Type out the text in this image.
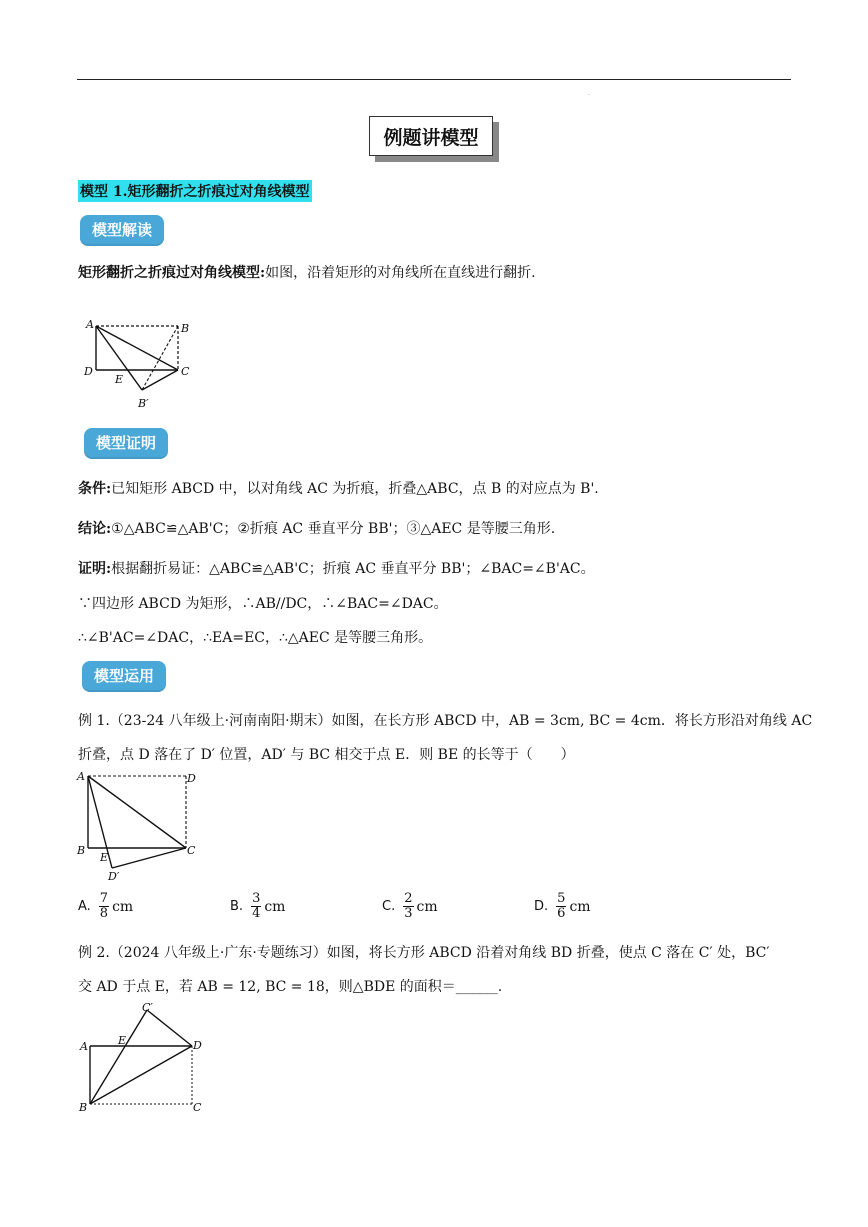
.
例题讲模型
模型 1.矩形翻折之折痕过对角线模型
模型解读
矩形翻折之折痕过对角线模型:如图，沿着矩形的对角线所在直线进行翻折.
A	B
C
D
E
B′
模型证明
条件:已知矩形 ABCD 中，以对角线 AC 为折痕，折叠△ABC，点 B 的对应点为 B'.
结论:①△ABC≌△AB'C；②折痕 AC 垂直平分 BB'；③△AEC 是等腰三角形.
证明:根据翻折易证：△ABC≌△AB'C；折痕 AC 垂直平分 BB'；∠BAC=∠B'AC。
∵四边形 ABCD 为矩形，∴AB//DC，∴∠BAC=∠DAC。
∴∠B'AC=∠DAC，∴EA=EC，∴△AEC 是等腰三角形。
模型运用
例 1.（23-24 八年级上·河南南阳·期末）如图，在长方形 ABCD 中，AB = 3cm, BC = 4cm．将长方形沿对角线 AC
折叠，点 D 落在了 D′ 位置，AD′ 与 BC 相交于点 E．则 BE 的长等于（　　）
A	D
C
B
E
D′
A. $\frac{7}{8}$ cm	B. $\frac{3}{4}$ cm	C. $\frac{2}{3}$ cm	D. $\frac{5}{6}$ cm
例 2.（2024 八年级上·广东·专题练习）如图，将长方形 ABCD 沿着对角线 BD 折叠，使点 C 落在 C′ 处，BC′
交 AD 于点 E，若 AB = 12, BC = 18，则△BDE 的面积＝______.
A	D
B	C
E
C′
